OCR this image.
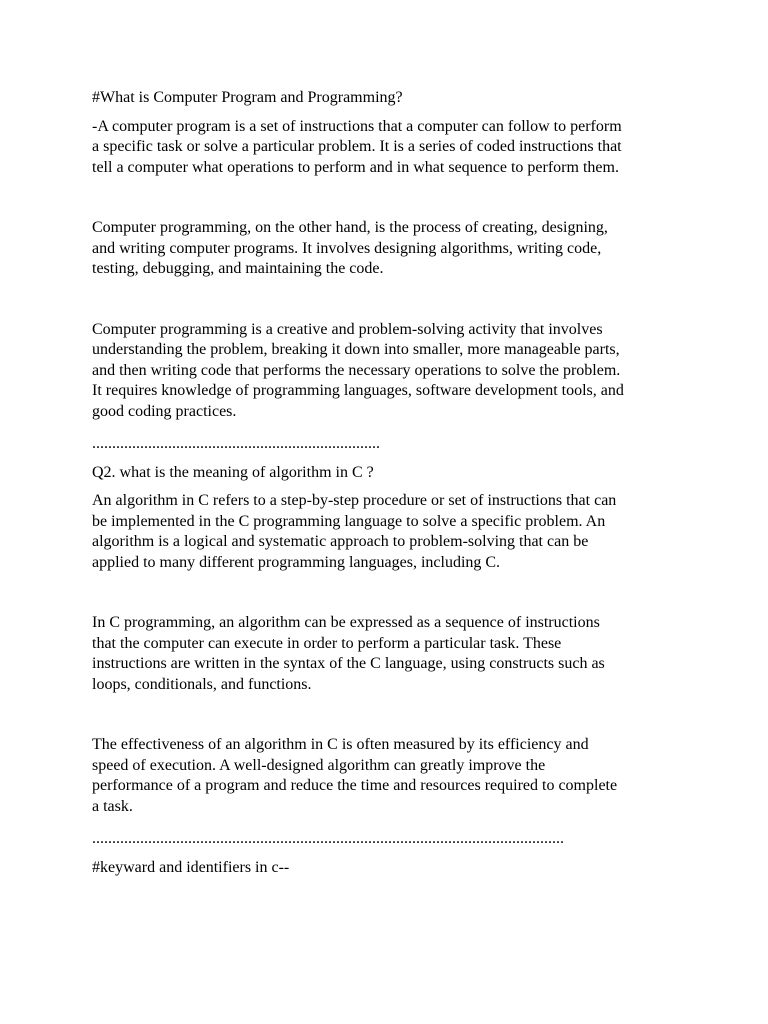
#What is Computer Program and Programming?

-A computer program is a set of instructions that a computer can follow to perform
a specific task or solve a particular problem. It is a series of coded instructions that
tell a computer what operations to perform and in what sequence to perform them.

Computer programming, on the other hand, is the process of creating, designing,
and writing computer programs. It involves designing algorithms, writing code,
testing, debugging, and maintaining the code.

Computer programming is a creative and problem-solving activity that involves
understanding the problem, breaking it down into smaller, more manageable parts,
and then writing code that performs the necessary operations to solve the problem.
It requires knowledge of programming languages, software development tools, and
good coding practices.

........................................................................

Q2. what is the meaning of algorithm in C ?

An algorithm in C refers to a step-by-step procedure or set of instructions that can
be implemented in the C programming language to solve a specific problem. An
algorithm is a logical and systematic approach to problem-solving that can be
applied to many different programming languages, including C.

In C programming, an algorithm can be expressed as a sequence of instructions
that the computer can execute in order to perform a particular task. These
instructions are written in the syntax of the C language, using constructs such as
loops, conditionals, and functions.

The effectiveness of an algorithm in C is often measured by its efficiency and
speed of execution. A well-designed algorithm can greatly improve the
performance of a program and reduce the time and resources required to complete
a task.

......................................................................................................................

#keyward and identifiers in c--
